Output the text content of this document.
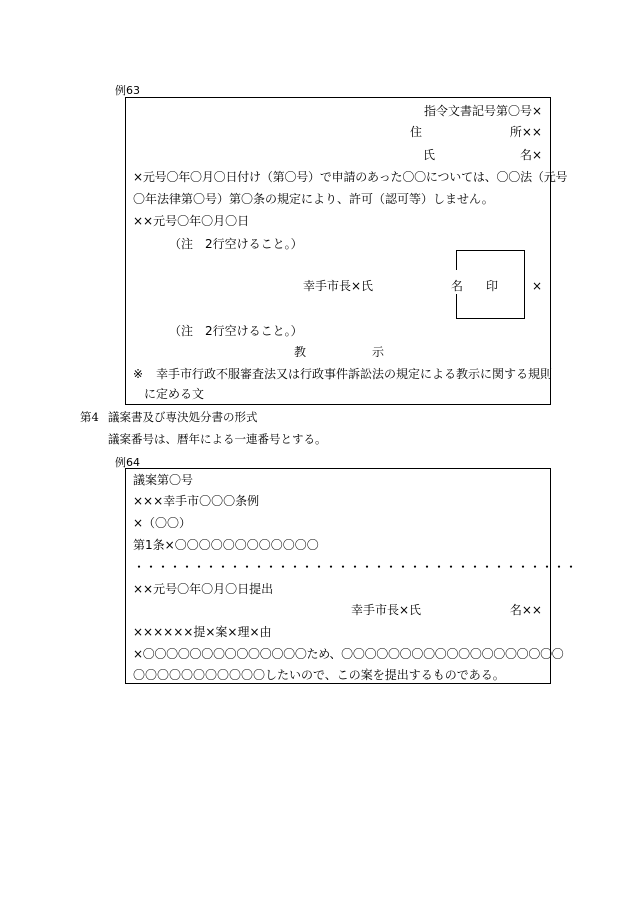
例63
指令文書記号第〇号×
住	所××
氏	名×
×元号〇年〇月〇日付け（第〇号）で申請のあった〇〇については、〇〇法（元号
〇年法律第〇号）第〇条の規定により、許可（認可等）しません。
××元号〇年〇月〇日
（注　2行空けること。）
幸手市長×氏	名 印	×
（注　2行空けること。）
教	示
※ 幸手市行政不服審査法又は行政事件訴訟法の規定による教示に関する規則
に定める文
第4 議案書及び専決処分書の形式
議案番号は、暦年による一連番号とする。
例64
議案第〇号
×××幸手市〇〇〇条例
×（〇〇）
第1条×〇〇〇〇〇〇〇〇〇〇〇〇
・・・・・・・・・・・・・・・・・・・・・・・・・・・・・・・・・・・・・
××元号〇年〇月〇日提出
幸手市長×氏	名××
××××××提×案×理×由
×〇〇〇〇〇〇〇〇〇〇〇〇〇〇ため、〇〇〇〇〇〇〇〇〇〇〇〇〇〇〇〇〇〇〇
〇〇〇〇〇〇〇〇〇〇〇したいので、この案を提出するものである。
